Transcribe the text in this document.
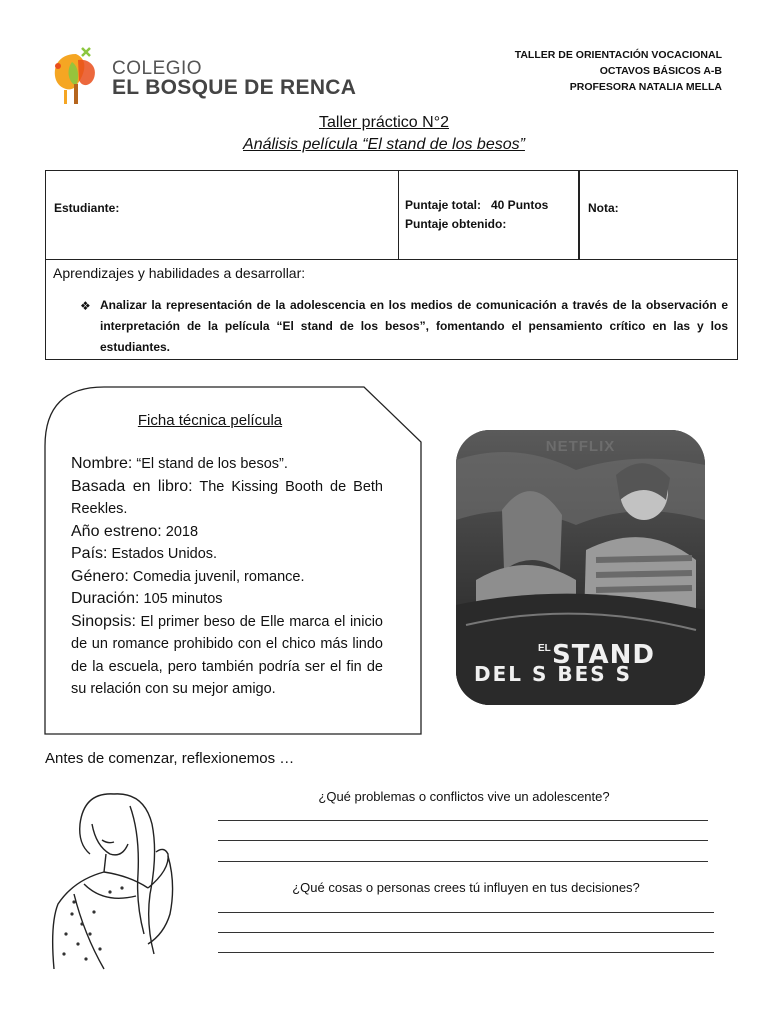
COLEGIO
EL BOSQUE DE RENCA
TALLER DE ORIENTACIÓN VOCACIONAL
OCTAVOS BÁSICOS A-B
PROFESORA NATALIA MELLA
Taller práctico N°2
Análisis película “El stand de los besos”
Estudiante:	Puntaje total:   40 Puntos
Puntaje obtenido:
Nota:
Aprendizajes y habilidades a desarrollar:
❖ Analizar la representación de la adolescencia en los medios de comunicación a través de la observación e interpretación de la película “El stand de los besos”, fomentando el pensamiento crítico en las y los estudiantes.
Ficha técnica película
Nombre: “El stand de los besos”.
Basada en libro: The Kissing Booth de Beth Reekles.
Año estreno: 2018
País: Estados Unidos.
Género: Comedia juvenil, romance.
Duración: 105 minutos
Sinopsis: El primer beso de Elle marca el inicio de un romance prohibido con el chico más lindo de la escuela, pero también podría ser el fin de su relación con su mejor amigo.
NETFLIX
EL STAND
DEL S BES S
Antes de comenzar, reflexionemos …
¿Qué problemas o conflictos vive un adolescente?
¿Qué cosas o personas crees tú influyen en tus decisiones?
